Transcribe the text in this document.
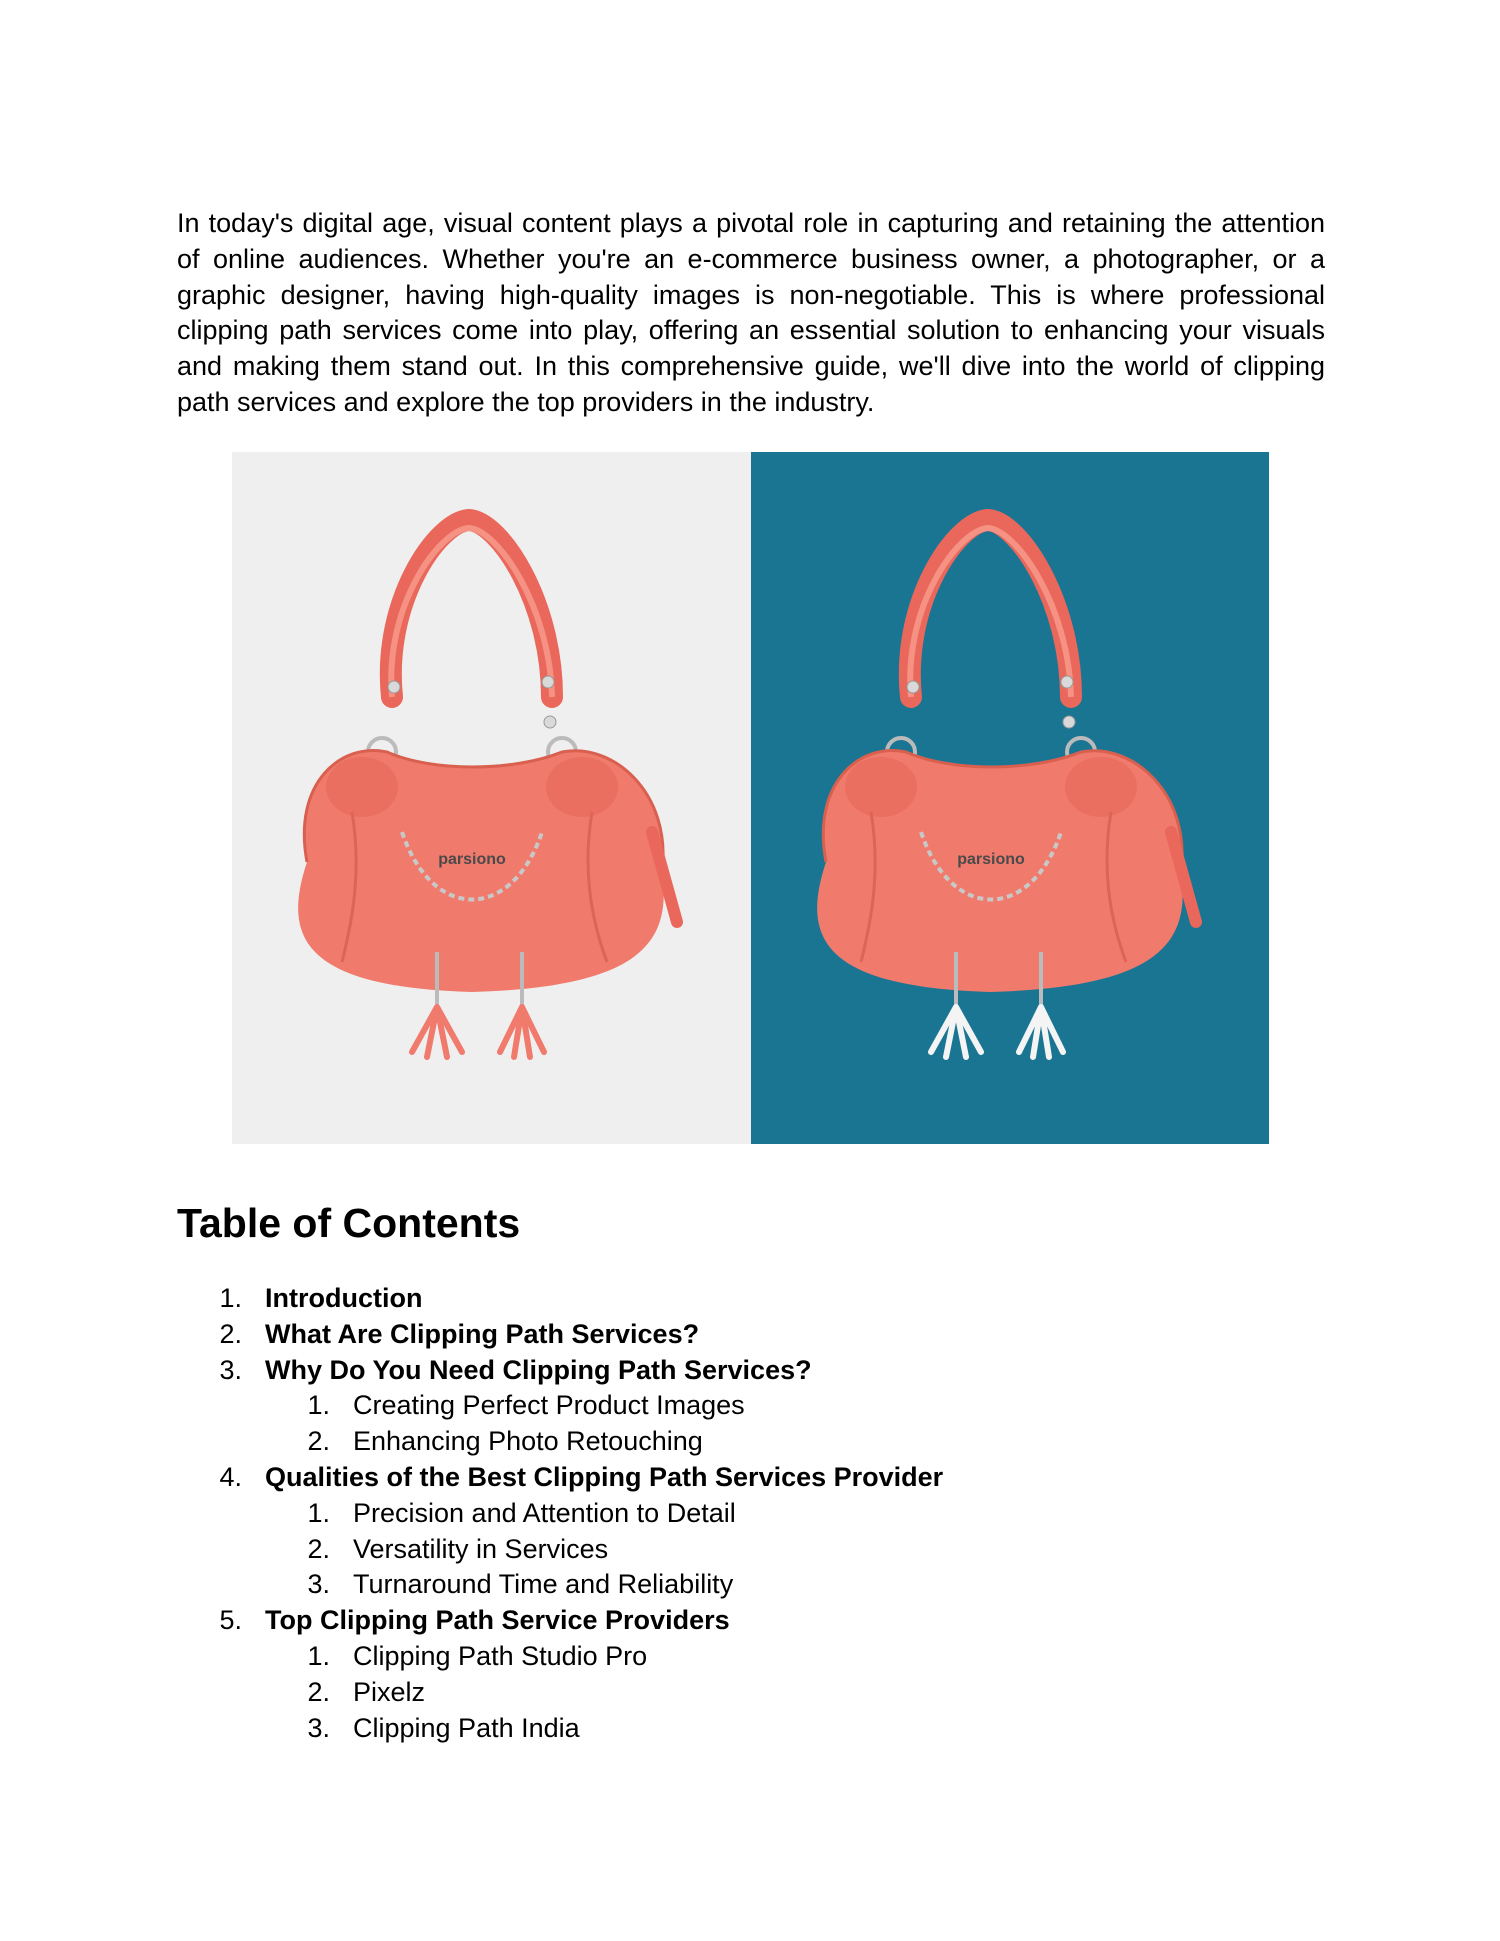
In today's digital age, visual content plays a pivotal role in capturing and retaining the attention of online audiences. Whether you're an e-commerce business owner, a photographer, or a graphic designer, having high-quality images is non-negotiable. This is where professional clipping path services come into play, offering an essential solution to enhancing your visuals and making them stand out. In this comprehensive guide, we'll dive into the world of clipping path services and explore the top providers in the industry.

parsiono	parsiono
Table of Contents
1. Introduction
2. What Are Clipping Path Services?
3. Why Do You Need Clipping Path Services?
1. Creating Perfect Product Images
2. Enhancing Photo Retouching
4. Qualities of the Best Clipping Path Services Provider
1. Precision and Attention to Detail
2. Versatility in Services
3. Turnaround Time and Reliability
5. Top Clipping Path Service Providers
1. Clipping Path Studio Pro
2. Pixelz
3. Clipping Path India
